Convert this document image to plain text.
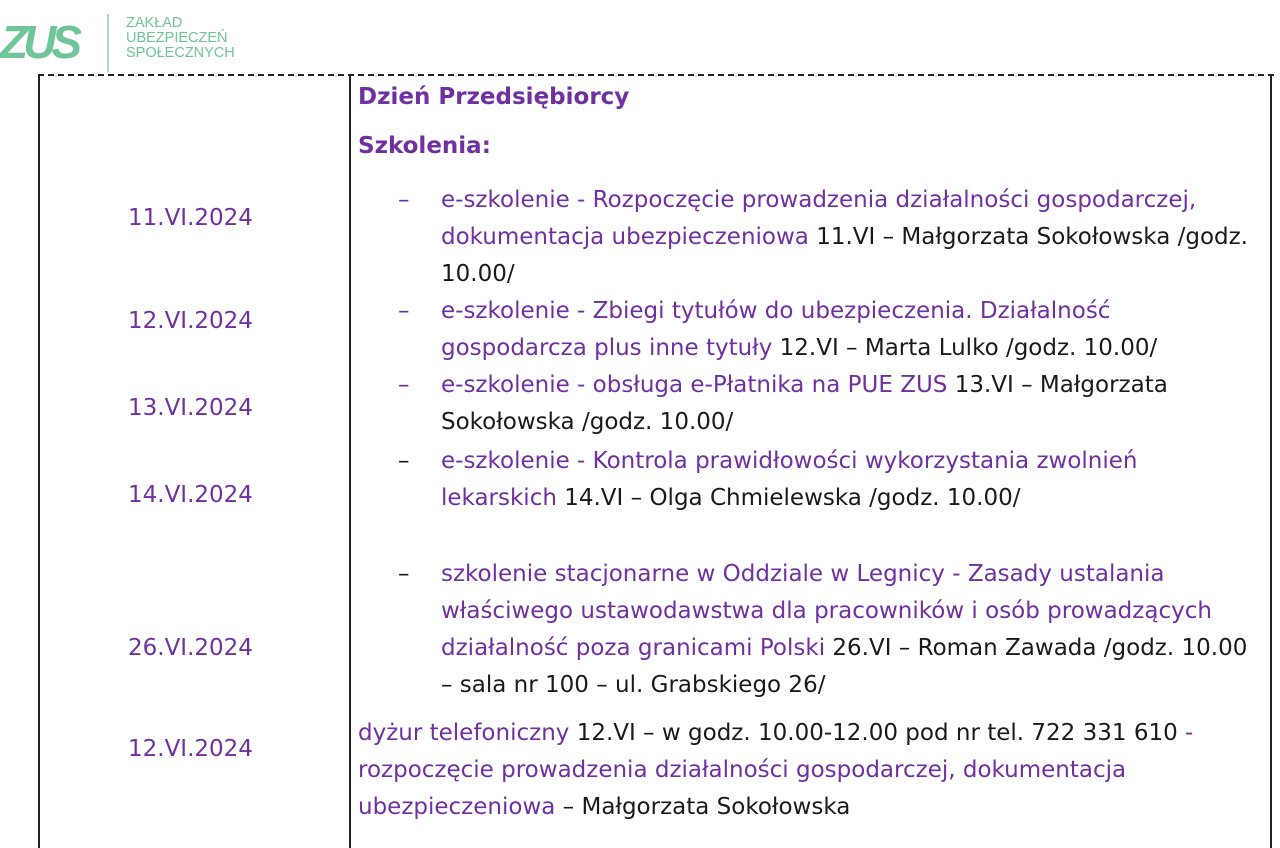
ZUS	ZAKŁAD
UBEZPIECZEŃ
SPOŁECZNYCH
11.VI.2024
12.VI.2024
13.VI.2024
14.VI.2024
26.VI.2024
12.VI.2024
Dzień Przedsiębiorcy
Szkolenia:
– e-szkolenie - Rozpoczęcie prowadzenia działalności gospodarczej, dokumentacja ubezpieczeniowa 11.VI – Małgorzata Sokołowska /godz. 10.00/
– e-szkolenie - Zbiegi tytułów do ubezpieczenia. Działalność gospodarcza plus inne tytuły 12.VI – Marta Lulko /godz. 10.00/
– e-szkolenie - obsługa e-Płatnika na PUE ZUS 13.VI – Małgorzata Sokołowska /godz. 10.00/
– e-szkolenie - Kontrola prawidłowości wykorzystania zwolnień lekarskich 14.VI – Olga Chmielewska /godz. 10.00/
– szkolenie stacjonarne w Oddziale w Legnicy - Zasady ustalania właściwego ustawodawstwa dla pracowników i osób prowadzących działalność poza granicami Polski 26.VI – Roman Zawada /godz. 10.00 – sala nr 100 – ul. Grabskiego 26/
dyżur telefoniczny 12.VI – w godz. 10.00-12.00 pod nr tel. 722 331 610 - rozpoczęcie prowadzenia działalności gospodarczej, dokumentacja ubezpieczeniowa – Małgorzata Sokołowska
